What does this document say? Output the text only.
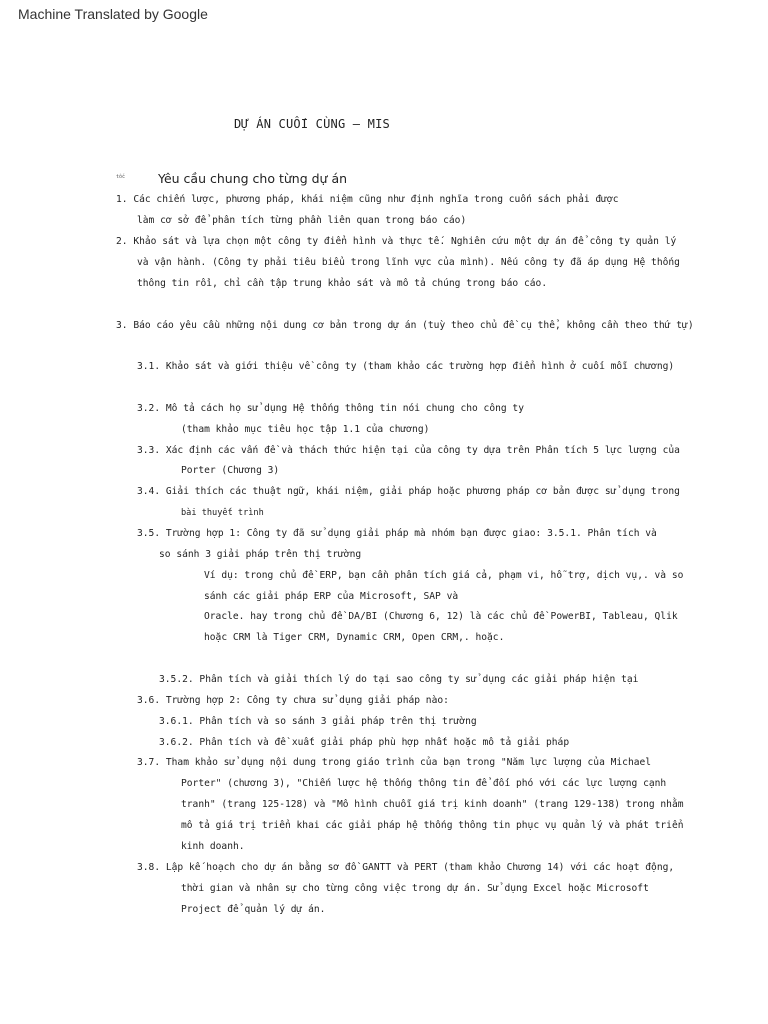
Machine Translated by Google
DỰ ÁN CUỐI CÙNG – MIS
tốc	Yêu cầu chung cho từng dự án
1. Các chiến lược, phương pháp, khái niệm cũng như định nghĩa trong cuốn sách phải được
làm cơ sở để phân tích từng phần liên quan trong báo cáo)
2. Khảo sát và lựa chọn một công ty điển hình và thực tế. Nghiên cứu một dự án để công ty quản lý
và vận hành. (Công ty phải tiêu biểu trong lĩnh vực của mình). Nếu công ty đã áp dụng Hệ thống
thông tin rồi, chỉ cần tập trung khảo sát và mô tả chúng trong báo cáo.
3. Báo cáo yêu cầu những nội dung cơ bản trong dự án (tuỳ theo chủ đề cụ thể, không cần theo thứ tự)
3.1. Khảo sát và giới thiệu về công ty (tham khảo các trường hợp điển hình ở cuối mỗi chương)
3.2. Mô tả cách họ sử dụng Hệ thống thông tin nói chung cho công ty
(tham khảo mục tiêu học tập 1.1 của chương)
3.3. Xác định các vấn đề và thách thức hiện tại của công ty dựa trên Phân tích 5 lực lượng của
Porter (Chương 3)
3.4. Giải thích các thuật ngữ, khái niệm, giải pháp hoặc phương pháp cơ bản được sử dụng trong
bài thuyết trình
3.5. Trường hợp 1: Công ty đã sử dụng giải pháp mà nhóm bạn được giao: 3.5.1. Phân tích và
so sánh 3 giải pháp trên thị trường
Ví dụ: trong chủ đề ERP, bạn cần phân tích giá cả, phạm vi, hỗ trợ, dịch vụ,. và so
sánh các giải pháp ERP của Microsoft, SAP và
Oracle. hay trong chủ đề DA/BI (Chương 6, 12) là các chủ đề PowerBI, Tableau, Qlik
hoặc CRM là Tiger CRM, Dynamic CRM, Open CRM,. hoặc.
3.5.2. Phân tích và giải thích lý do tại sao công ty sử dụng các giải pháp hiện tại
3.6. Trường hợp 2: Công ty chưa sử dụng giải pháp nào:
3.6.1. Phân tích và so sánh 3 giải pháp trên thị trường
3.6.2. Phân tích và đề xuất giải pháp phù hợp nhất hoặc mô tả giải pháp
3.7. Tham khảo sử dụng nội dung trong giáo trình của bạn trong "Năm lực lượng của Michael
Porter" (chương 3), "Chiến lược hệ thống thông tin để đối phó với các lực lượng cạnh
tranh" (trang 125-128) và "Mô hình chuỗi giá trị kinh doanh" (trang 129-138) trong nhằm
mô tả giá trị triển khai các giải pháp hệ thống thông tin phục vụ quản lý và phát triển
kinh doanh.
3.8. Lập kế hoạch cho dự án bằng sơ đồ GANTT và PERT (tham khảo Chương 14) với các hoạt động,
thời gian và nhân sự cho từng công việc trong dự án. Sử dụng Excel hoặc Microsoft
Project để quản lý dự án.
